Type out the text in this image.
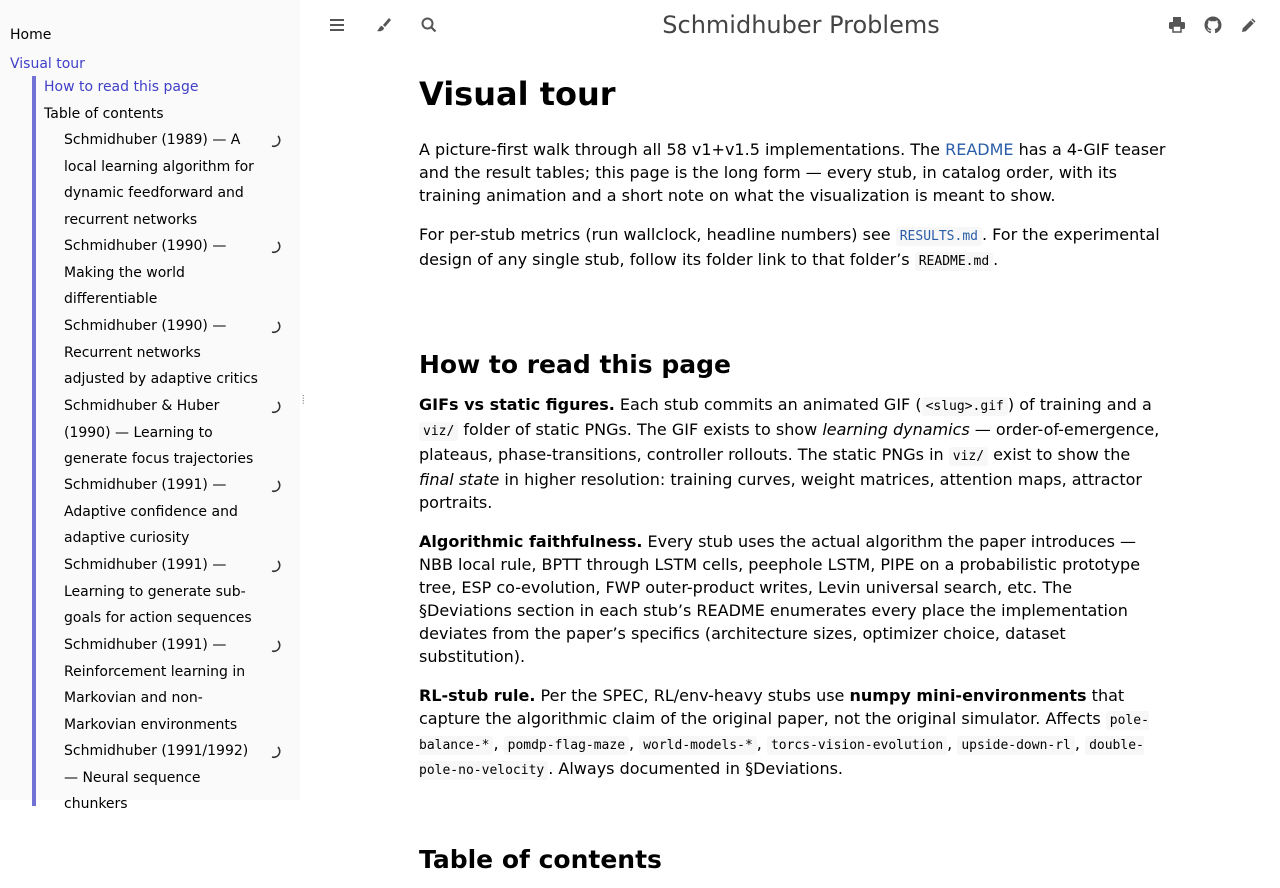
Home
Visual tour
How to read this page
Table of contents
Schmidhuber (1989) — A local learning algorithm for dynamic feedforward and recurrent networks
Schmidhuber (1990) — Making the world differentiable
Schmidhuber (1990) — Recurrent networks adjusted by adaptive critics
Schmidhuber & Huber (1990) — Learning to generate focus trajectories
Schmidhuber (1991) — Adaptive confidence and adaptive curiosity
Schmidhuber (1991) — Learning to generate sub-goals for action sequences
Schmidhuber (1991) — Reinforcement learning in Markovian and non-Markovian environments
Schmidhuber (1991/1992) — Neural sequence chunkers
⦙
Schmidhuber Problems
Visual tour

A picture-first walk through all 58 v1+v1.5 implementations. The README has a 4-GIF teaser and the result tables; this page is the long form — every stub, in catalog order, with its training animation and a short note on what the visualization is meant to show.

For per-stub metrics (run wallclock, headline numbers) see RESULTS.md . For the experimental design of any single stub, follow its folder link to that folder’s README.md .

How to read this page

GIFs vs static figures. Each stub commits an animated GIF ( <slug>.gif ) of training and a viz/ folder of static PNGs. The GIF exists to show learning dynamics — order-of-emergence, plateaus, phase-transitions, controller rollouts. The static PNGs in viz/ exist to show the final state in higher resolution: training curves, weight matrices, attention maps, attractor portraits.

Algorithmic faithfulness. Every stub uses the actual algorithm the paper introduces — NBB local rule, BPTT through LSTM cells, peephole LSTM, PIPE on a probabilistic prototype tree, ESP co-evolution, FWP outer-product writes, Levin universal search, etc. The §Deviations section in each stub’s README enumerates every place the implementation deviates from the paper’s specifics (architecture sizes, optimizer choice, dataset substitution).

RL-stub rule. Per the SPEC, RL/env-heavy stubs use numpy mini-environments that capture the algorithmic claim of the original paper, not the original simulator. Affects pole-balance-* , pomdp-flag-maze , world-models-* , torcs-vision-evolution , upside-down-rl , double-pole-no-velocity . Always documented in §Deviations.

Table of contents
